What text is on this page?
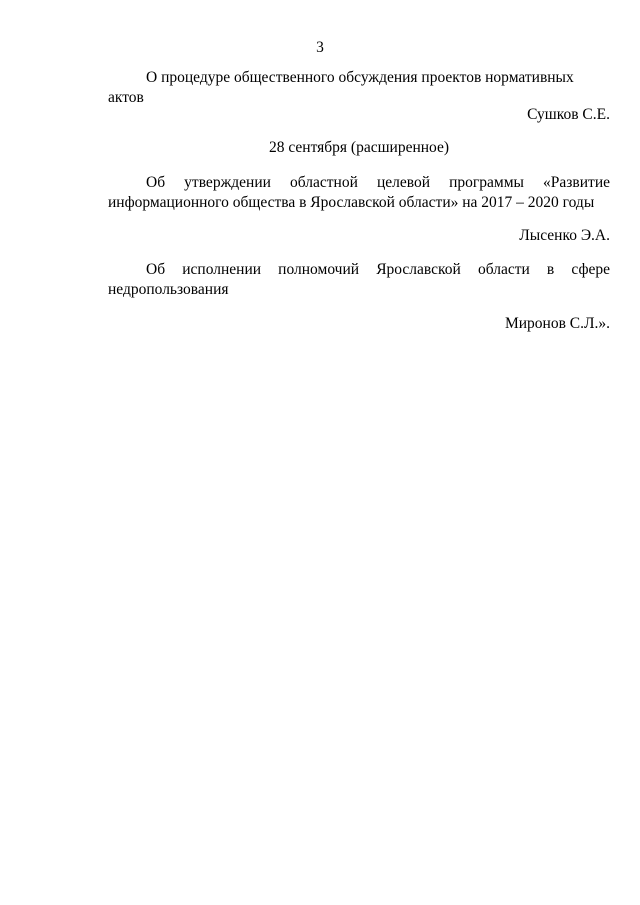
3

О процедуре общественного обсуждения проектов нормативных актов

Сушков С.Е.
28 сентября (расширенное)

Об утверждении областной целевой программы «Развитие

информационного общества в Ярославской области» на 2017 – 2020 годы

Лысенко Э.А.

Об исполнении полномочий Ярославской области в сфере

недропользования

Миронов С.Л.».
